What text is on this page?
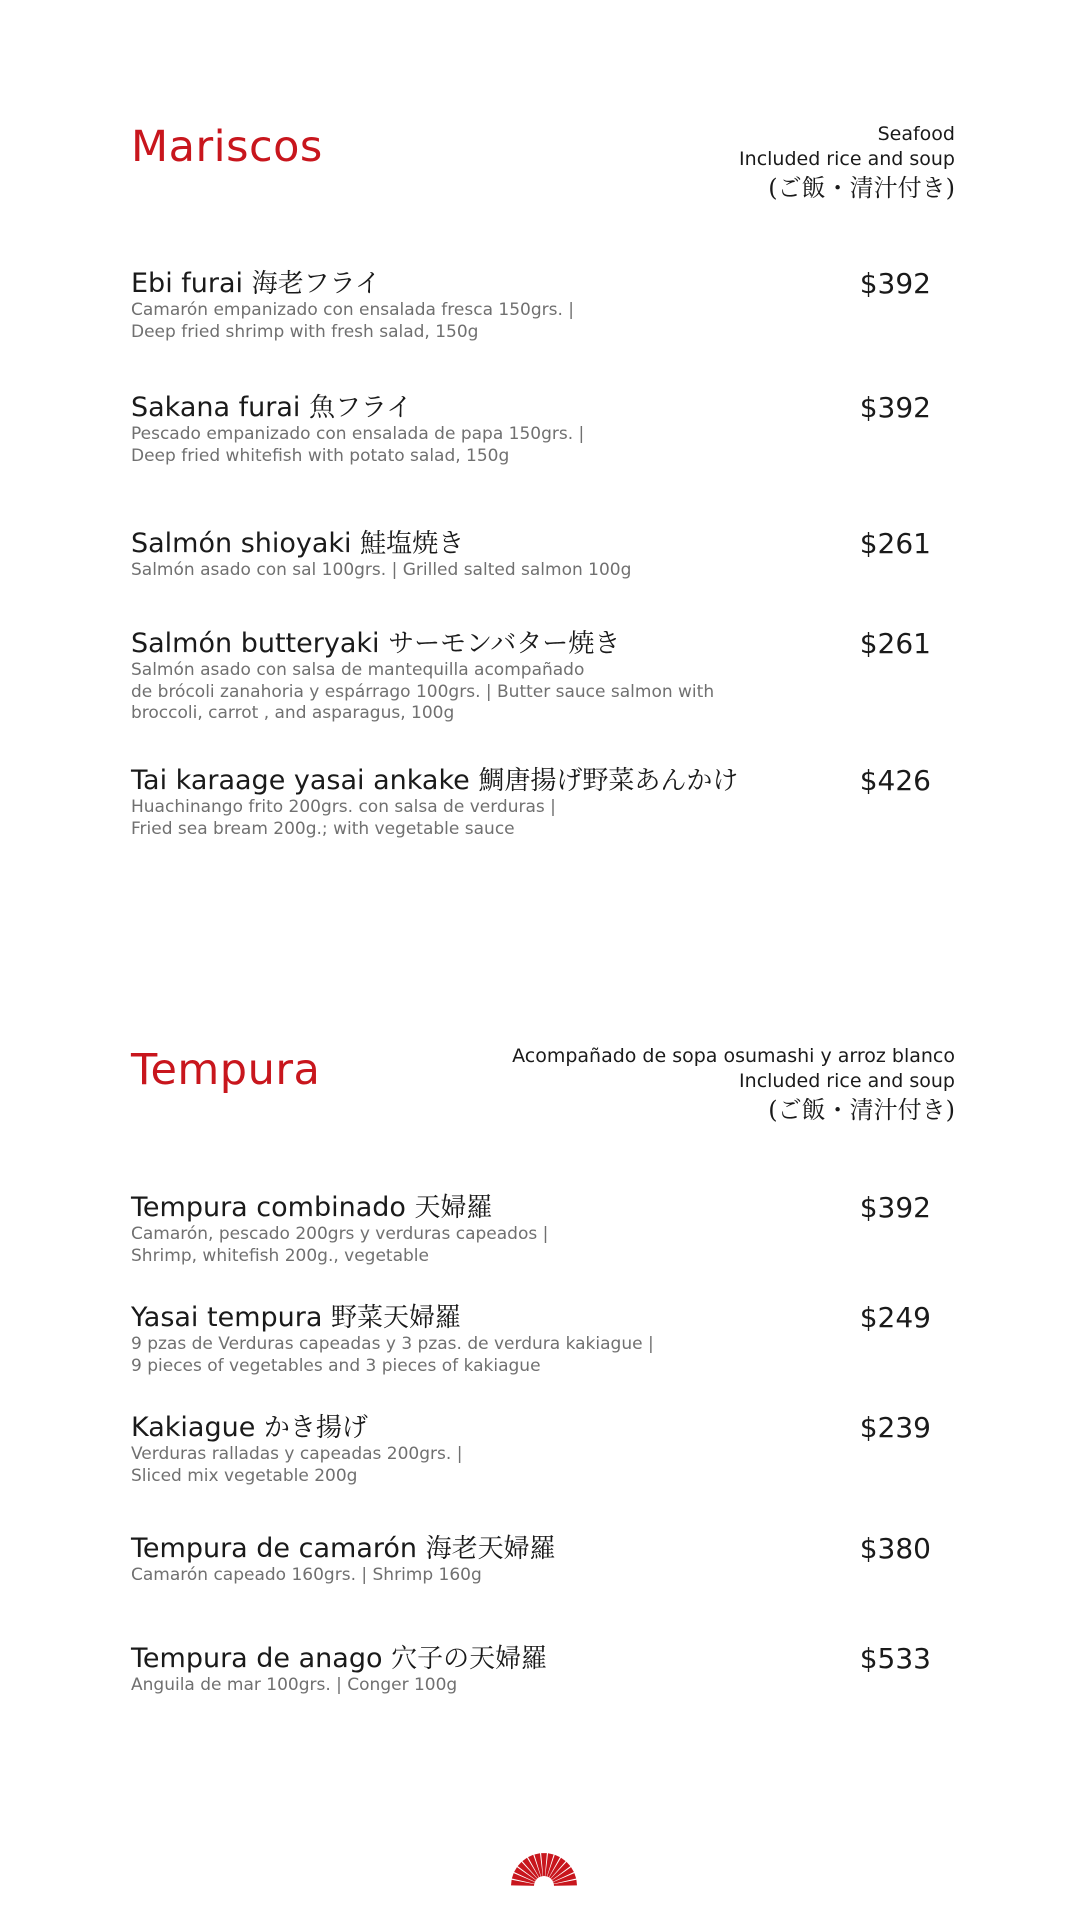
Mariscos	Seafood
Included rice and soup
(ご飯・清汁付き)
Ebi furai 海老フライ
Camarón empanizado con ensalada fresca 150grs. |
Deep fried shrimp with fresh salad, 150g
$392
Sakana furai 魚フライ
Pescado empanizado con ensalada de papa 150grs. |
Deep fried whitefish with potato salad, 150g
$392
Salmón shioyaki 鮭塩焼き
Salmón asado con sal 100grs. | Grilled salted salmon 100g
$261
Salmón butteryaki サーモンバター焼き
Salmón asado con salsa de mantequilla acompañado
de brócoli zanahoria y espárrago 100grs. | Butter sauce salmon with
broccoli, carrot , and asparagus, 100g
$261
Tai karaage yasai ankake 鯛唐揚げ野菜あんかけ
Huachinango frito 200grs. con salsa de verduras |
Fried sea bream 200g.; with vegetable sauce
$426
Tempura	Acompañado de sopa osumashi y arroz blanco
Included rice and soup
(ご飯・清汁付き)
Tempura combinado 天婦羅
Camarón, pescado 200grs y verduras capeados |
Shrimp, whitefish 200g., vegetable
$392
Yasai tempura 野菜天婦羅
9 pzas de Verduras capeadas y 3 pzas. de verdura kakiague |
9 pieces of vegetables and 3 pieces of kakiague
$249
Kakiague かき揚げ
Verduras ralladas y capeadas 200grs. |
Sliced mix vegetable 200g
$239
Tempura de camarón 海老天婦羅
Camarón capeado 160grs. | Shrimp 160g
$380
Tempura de anago 穴子の天婦羅
Anguila de mar 100grs. | Conger 100g
$533
